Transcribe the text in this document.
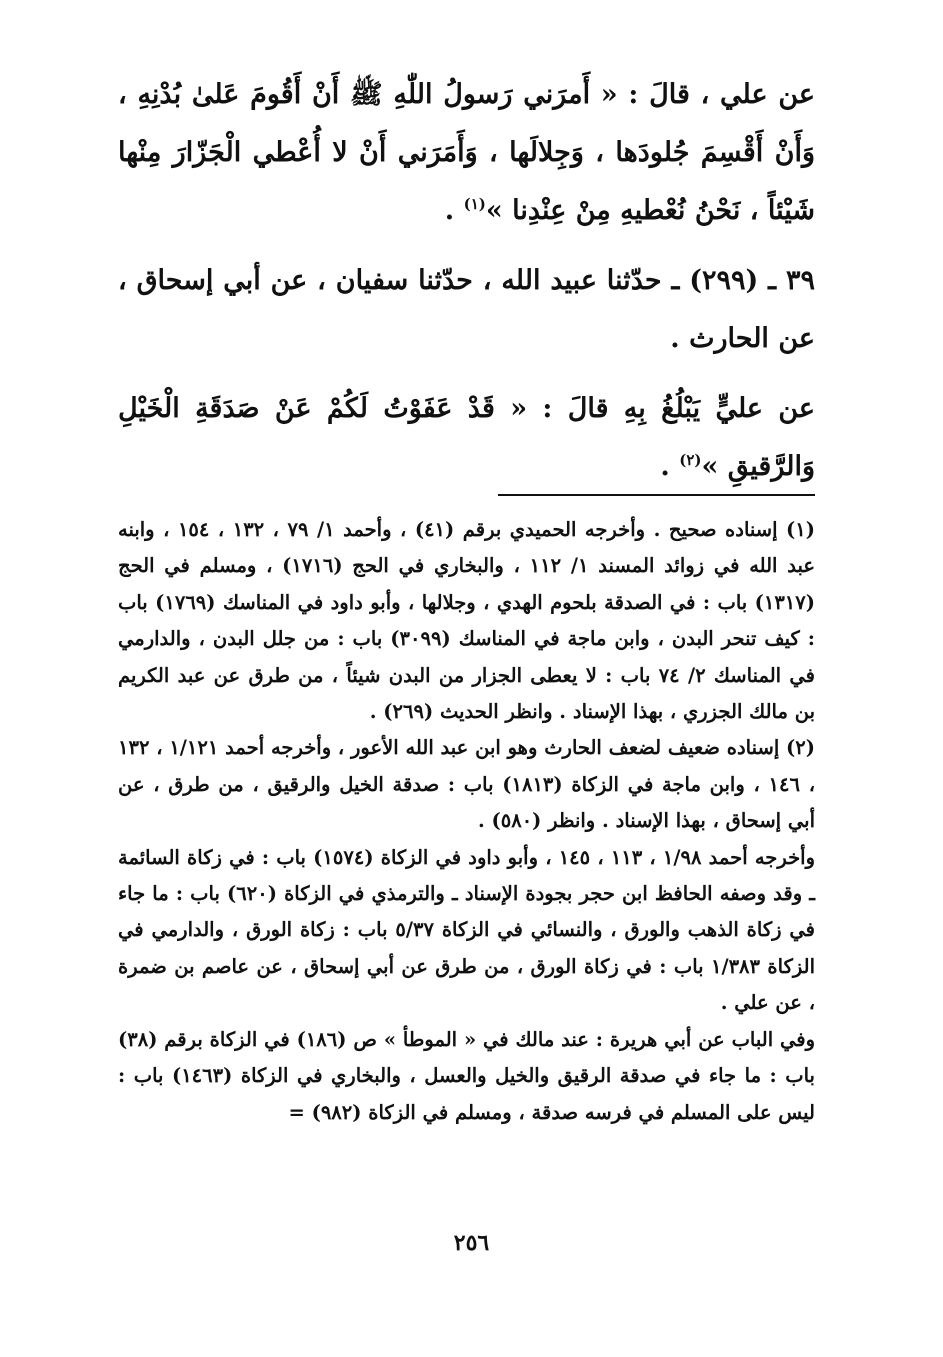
عن علي ، قالَ : « أَمرَني رَسولُ اللّٰهِ ﷺ أَنْ أَقُومَ عَلىٰ بُدْنِهِ ، وَأَنْ أَقْسِمَ جُلودَها ، وَجِلالَها ، وَأَمَرَني أَنْ لا أُعْطي الْجَزّارَ مِنْها شَيْئاً ، نَحْنُ نُعْطيهِ مِنْ عِنْدِنا »$^{(١)}$ .

٣٩ ـ (٢٩٩) ـ حدّثنا عبيد الله ، حدّثنا سفيان ، عن أبي إسحاق ، عن الحارث .

عن عليٍّ يَبْلُغُ بِهِ قالَ : « قَدْ عَفَوْتُ لَكُمْ عَنْ صَدَقَةِ الْخَيْلِ وَالرَّقيقِ »$^{(٢)}$ .

(١) إسناده صحيح . وأخرجه الحميدي برقم (٤١) ، وأحمد ١/ ٧٩ ، ١٣٢ ، ١٥٤ ، وابنه عبد الله في زوائد المسند ١/ ١١٢ ، والبخاري في الحج (١٧١٦) ، ومسلم في الحج (١٣١٧) باب : في الصدقة بلحوم الهدي ، وجلالها ، وأبو داود في المناسك (١٧٦٩) باب : كيف تنحر البدن ، وابن ماجة في المناسك (٣٠٩٩) باب : من جلل البدن ، والدارمي في المناسك ٢/ ٧٤ باب : لا يعطى الجزار من البدن شيئاً ، من طرق عن عبد الكريم بن مالك الجزري ، بهذا الإسناد . وانظر الحديث (٢٦٩) .

(٢) إسناده ضعيف لضعف الحارث وهو ابن عبد الله الأعور ، وأخرجه أحمد ١/١٢١ ، ١٣٢ ، ١٤٦ ، وابن ماجة في الزكاة (١٨١٣) باب : صدقة الخيل والرقيق ، من طرق ، عن أبي إسحاق ، بهذا الإسناد . وانظر (٥٨٠) .

وأخرجه أحمد ١/٩٨ ، ١١٣ ، ١٤٥ ، وأبو داود في الزكاة (١٥٧٤) باب : في زكاة السائمة ـ وقد وصفه الحافظ ابن حجر بجودة الإسناد ـ والترمذي في الزكاة (٦٢٠) باب : ما جاء في زكاة الذهب والورق ، والنسائي في الزكاة ٥/٣٧ باب : زكاة الورق ، والدارمي في الزكاة ١/٣٨٣ باب : في زكاة الورق ، من طرق عن أبي إسحاق ، عن عاصم بن ضمرة ، عن علي .

وفي الباب عن أبي هريرة : عند مالك في « الموطأ » ص (١٨٦) في الزكاة برقم (٣٨) باب : ما جاء في صدقة الرقيق والخيل والعسل ، والبخاري في الزكاة (١٤٦٣) باب : ليس على المسلم في فرسه صدقة ، ومسلم في الزكاة (٩٨٢) =

٢٥٦
